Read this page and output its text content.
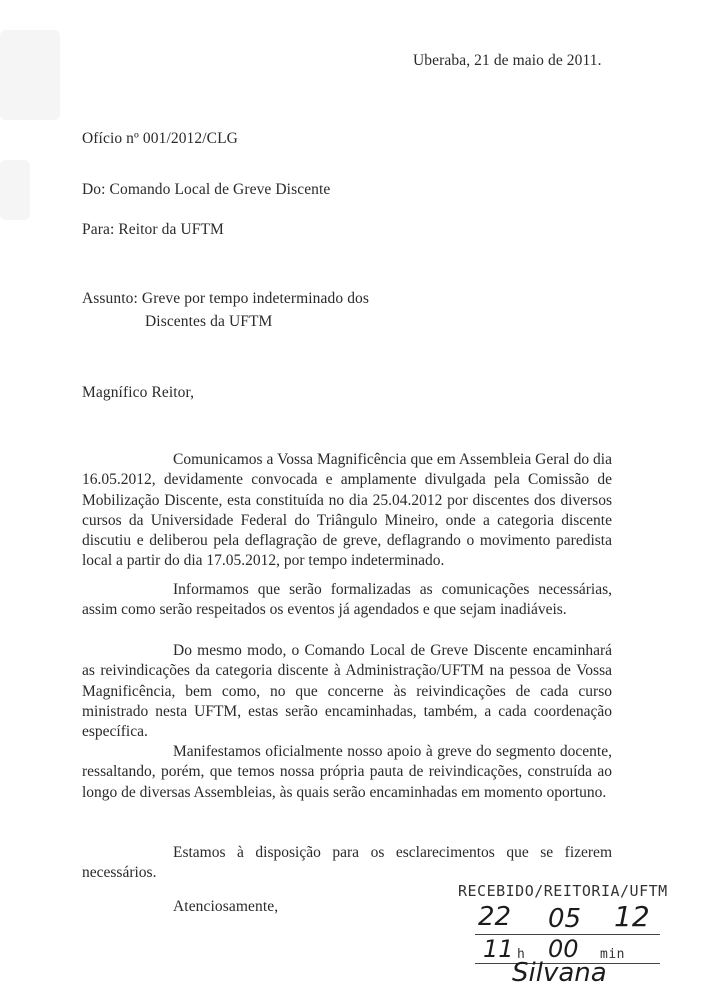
Uberaba, 21 de maio de 2011.
Ofício nº 001/2012/CLG
Do: Comando Local de Greve Discente
Para: Reitor da UFTM
Assunto: Greve por tempo indeterminado dos
Discentes da UFTM
Magnífico Reitor,

Comunicamos a Vossa Magnificência que em Assembleia Geral do dia 16.05.2012, devidamente convocada e amplamente divulgada pela Comissão de Mobilização Discente, esta constituída no dia 25.04.2012 por discentes dos diversos cursos da Universidade Federal do Triângulo Mineiro, onde a categoria discente discutiu e deliberou pela deflagração de greve, deflagrando o movimento paredista local a partir do dia 17.05.2012, por tempo indeterminado.

Informamos que serão formalizadas as comunicações necessárias, assim como serão respeitados os eventos já agendados e que sejam inadiáveis.

Do mesmo modo, o Comando Local de Greve Discente encaminhará as reivindicações da categoria discente à Administração/UFTM na pessoa de Vossa Magnificência, bem como, no que concerne às reivindicações de cada curso ministrado nesta UFTM, estas serão encaminhadas, também, a cada coordenação específica.

Manifestamos oficialmente nosso apoio à greve do segmento docente, ressaltando, porém, que temos nossa própria pauta de reivindicações, construída ao longo de diversas Assembleias, às quais serão encaminhadas em momento oportuno.

Estamos à disposição para os esclarecimentos que se fizerem necessários.

Atenciosamente,
RECEBIDO/REITORIA/UFTM
22 05 12
11 h 00 min
Silvana
